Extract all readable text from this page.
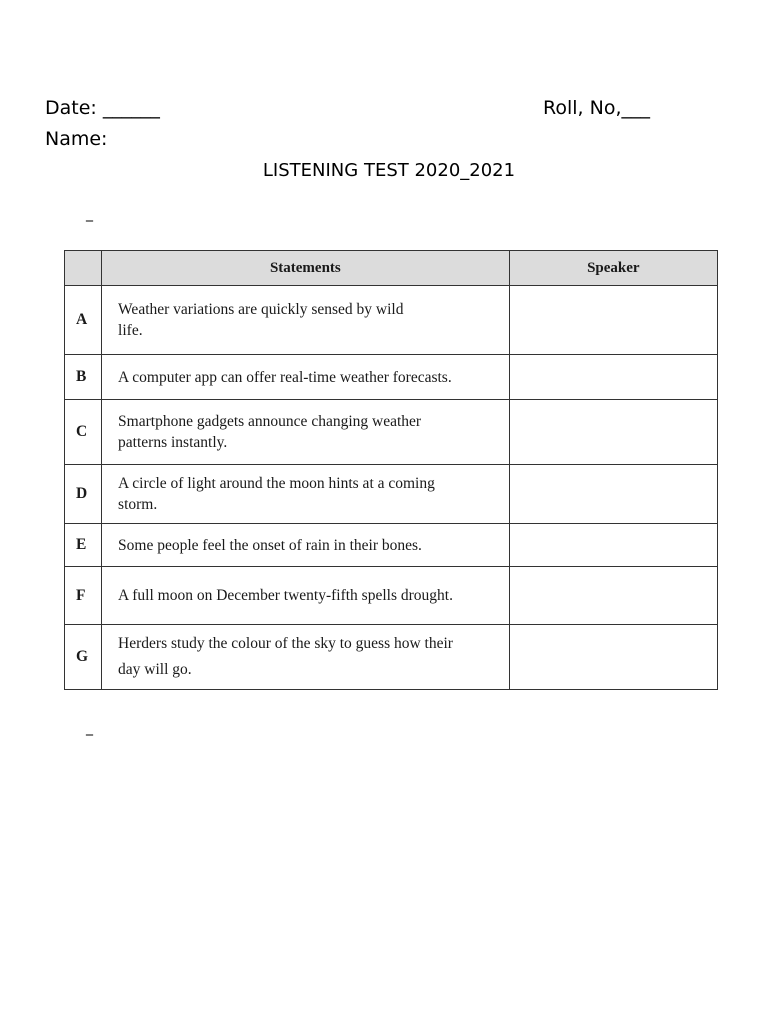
Date: ______	Roll, No,___
Name:
LISTENING TEST 2020_2021
_
	Statements	Speaker
A	Weather variations are quickly sensed by wild life.	

B	A computer app can offer real-time weather forecasts.	

C	Smartphone gadgets announce changing weather patterns instantly.	

D	A circle of light around the moon hints at a coming storm.	

E	Some people feel the onset of rain in their bones.	

F	A full moon on December twenty-fifth spells drought.	

G	Herders study the colour of the sky to guess how their day will go.	

_
